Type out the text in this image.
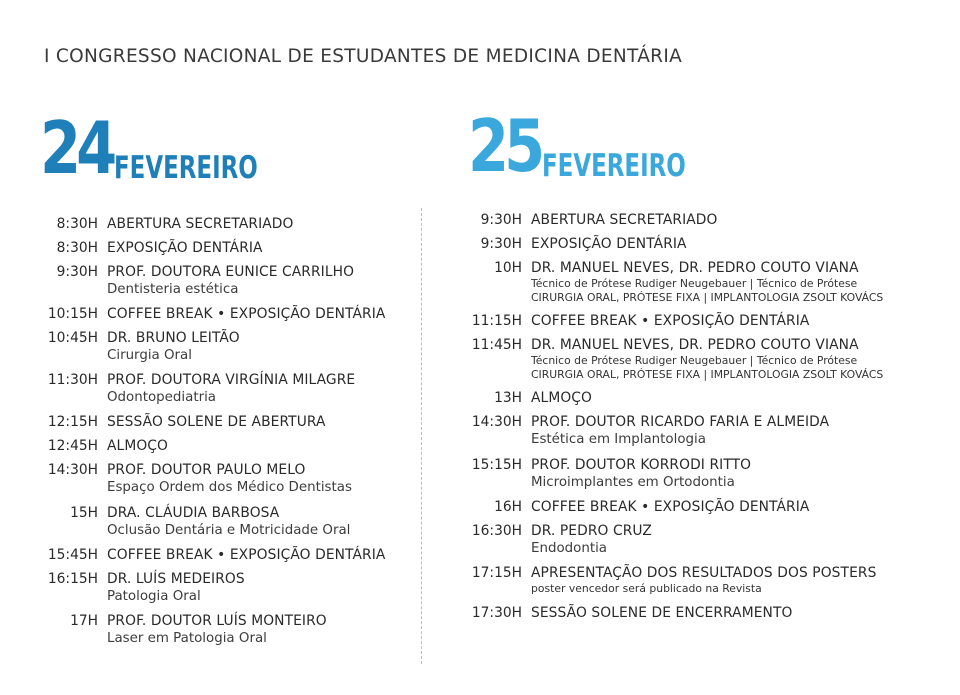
I CONGRESSO NACIONAL DE ESTUDANTES DE MEDICINA DENTÁRIA
24FEVEREIRO	25FEVEREIRO
8:30H ABERTURA SECRETARIADO
8:30H EXPOSIÇÃO DENTÁRIA
9:30H PROF. DOUTORA EUNICE CARRILHO
Dentisteria estética
10:15H COFFEE BREAK • EXPOSIÇÃO DENTÁRIA
10:45H DR. BRUNO LEITÃO
Cirurgia Oral
11:30H PROF. DOUTORA VIRGÍNIA MILAGRE
Odontopediatria
12:15H SESSÃO SOLENE DE ABERTURA
12:45H ALMOÇO
14:30H PROF. DOUTOR PAULO MELO
Espaço Ordem dos Médico Dentistas
15H DRA. CLÁUDIA BARBOSA
Oclusão Dentária e Motricidade Oral
15:45H COFFEE BREAK • EXPOSIÇÃO DENTÁRIA
16:15H DR. LUÍS MEDEIROS
Patologia Oral
17H PROF. DOUTOR LUÍS MONTEIRO
Laser em Patologia Oral
9:30H ABERTURA SECRETARIADO
9:30H EXPOSIÇÃO DENTÁRIA
10H DR. MANUEL NEVES, DR. PEDRO COUTO VIANA
Técnico de Prótese Rudiger Neugebauer | Técnico de Prótese
CIRURGIA ORAL, PRÓTESE FIXA | IMPLANTOLOGIA ZSOLT KOVÁCS
11:15H COFFEE BREAK • EXPOSIÇÃO DENTÁRIA
11:45H DR. MANUEL NEVES, DR. PEDRO COUTO VIANA
Técnico de Prótese Rudiger Neugebauer | Técnico de Prótese
CIRURGIA ORAL, PRÓTESE FIXA | IMPLANTOLOGIA ZSOLT KOVÁCS
13H ALMOÇO
14:30H PROF. DOUTOR RICARDO FARIA E ALMEIDA
Estética em Implantologia
15:15H PROF. DOUTOR KORRODI RITTO
Microimplantes em Ortodontia
16H COFFEE BREAK • EXPOSIÇÃO DENTÁRIA
16:30H DR. PEDRO CRUZ
Endodontia
17:15H APRESENTAÇÃO DOS RESULTADOS DOS POSTERS
poster vencedor será publicado na Revista
17:30H SESSÃO SOLENE DE ENCERRAMENTO
